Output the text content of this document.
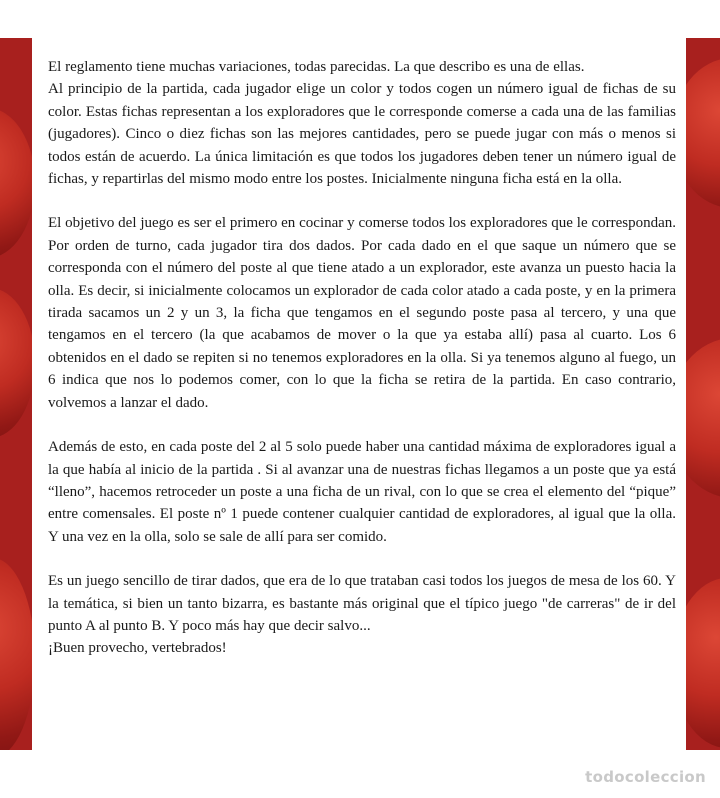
El reglamento tiene muchas variaciones, todas parecidas. La que describo es una de ellas.

Al principio de la partida, cada jugador elige un color y todos cogen un número igual de fichas de su color. Estas fichas representan a los exploradores que le corresponde comerse a cada una de las familias (jugadores). Cinco o diez fichas son las mejores cantidades, pero se puede jugar con más o menos si todos están de acuerdo. La única limitación es que todos los jugadores deben tener un número igual de fichas, y repartirlas del mismo modo entre los postes. Inicialmente ninguna ficha está en la olla.

El objetivo del juego es ser el primero en cocinar y comerse todos los exploradores que le correspondan. Por orden de turno, cada jugador tira dos dados. Por cada dado en el que saque un número que se corresponda con el número del poste al que tiene atado a un explorador, este avanza un puesto hacia la olla. Es decir, si inicialmente colocamos un explorador de cada color atado a cada poste, y en la primera tirada sacamos un 2 y un 3, la ficha que tengamos en el segundo poste pasa al tercero, y una que tengamos en el tercero (la que acabamos de mover o la que ya estaba allí) pasa al cuarto. Los 6 obtenidos en el dado se repiten si no tenemos exploradores en la olla. Si ya tenemos alguno al fuego, un 6 indica que nos lo podemos comer, con lo que la ficha se retira de la partida. En caso contrario, volvemos a lanzar el dado.

Además de esto, en cada poste del 2 al 5 solo puede haber una cantidad máxima de exploradores igual a la que había al inicio de la partida . Si al avanzar una de nuestras fichas llegamos a un poste que ya está “lleno”, hacemos retroceder un poste a una ficha de un rival, con lo que se crea el elemento del “pique” entre comensales. El poste nº 1 puede contener cualquier cantidad de exploradores, al igual que la olla. Y una vez en la olla, solo se sale de allí para ser comido.

Es un juego sencillo de tirar dados, que era de lo que trataban casi todos los juegos de mesa de los 60. Y la temática, si bien un tanto bizarra, es bastante más original que el típico juego "de carreras" de ir del punto A al punto B. Y poco más hay que decir salvo...

¡Buen provecho, vertebrados!

todocoleccion
